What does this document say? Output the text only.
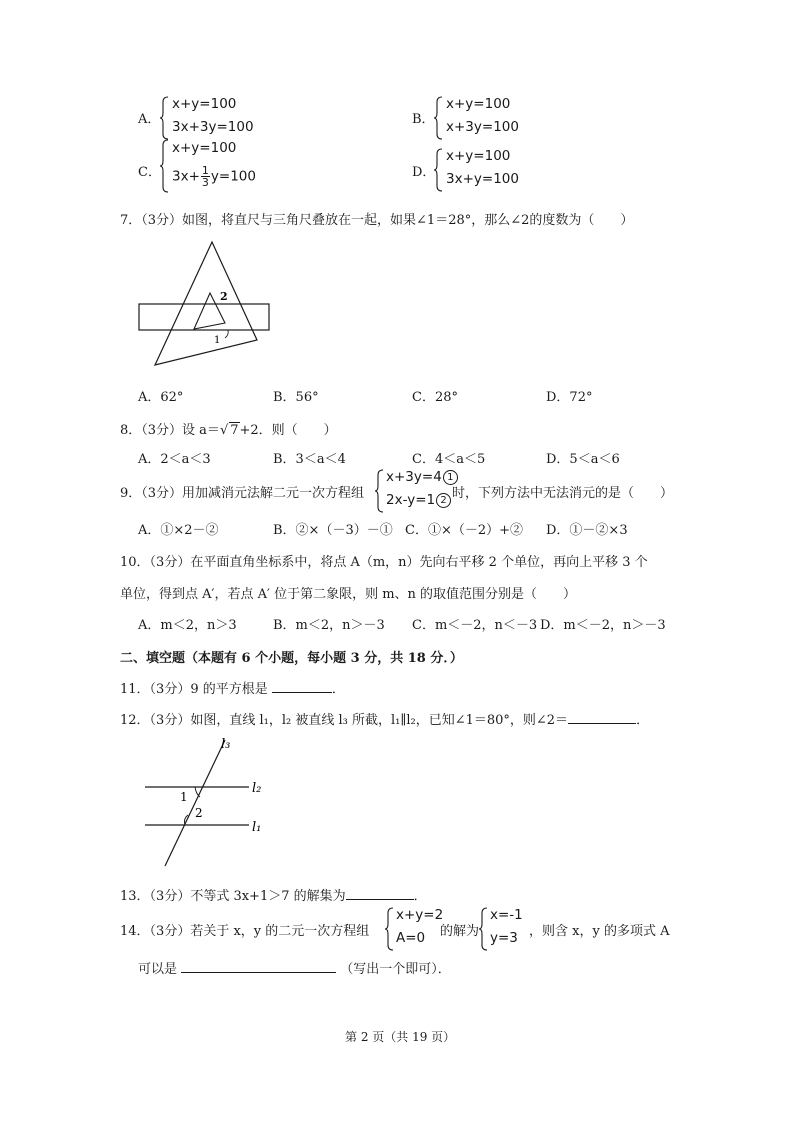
A．
x+y=100
3x+3y=100	B．
x+y=100
x+3y=100
C．
x+y=100
$3x+ \frac{1}{3} y=100$	D．
x+y=100
3x+y=100
7．（3分）如图，将直尺与三角尺叠放在一起，如果∠1＝28°，那么∠2的度数为（　　）
2
1
A．62°	B．56°	C．28°	D．72°
8．（3分）设 a＝√ 7+2．则（　　）
A．2＜a＜3	B．3＜a＜4	C．4＜a＜5	D．5＜a＜6
9．（3分）用加减消元法解二元一次方程组
x+3y=4 1
2x-y=1 2 时，下列方法中无法消元的是（　　）
A．①×2－②	B．②×（－3）－① C．①×（－2）+② D．①－②×3
10．（3分）在平面直角坐标系中，将点 A（m，n）先向右平移 2 个单位，再向上平移 3 个
单位，得到点 A′，若点 A′ 位于第二象限，则 m、n 的取值范围分别是（　　）
A．m＜2，n＞3	B．m＜2，n＞－3 C．m＜－2，n＜－3 D．m＜－2，n＞－3
二、填空题（本题有 6 个小题，每小题 3 分，共 18 分．）
11．（3分）9 的平方根是	．
12．（3分）如图，直线 l₁，l₂ 被直线 l₃ 所截，l₁∥l₂，已知∠1＝80°，则∠2＝	．
l₃
l₂
l₁
1
2
13．（3分）不等式 3x+1＞7 的解集为	．
14．（3分）若关于 x，y 的二元一次方程组
x+y=2
A=0 的解为
x=-1
y=3 ，则含 x，y 的多项式 A
可以是	（写出一个即可）．
第 2 页（共 19 页）
